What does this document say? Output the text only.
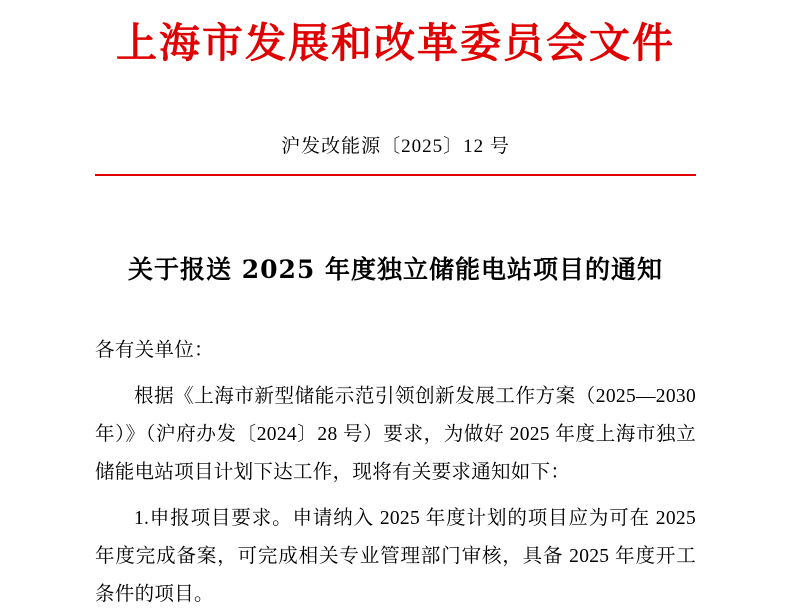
上海市发展和改革委员会文件
沪发改能源〔2025〕12 号
关于报送 2025 年度独立储能电站项目的通知

各有关单位：

根据《上海市新型储能示范引领创新发展工作方案（2025—2030 年）》（沪府办发〔2024〕28 号）要求，为做好 2025 年度上海市独立储能电站项目计划下达工作，现将有关要求通知如下：

1.申报项目要求。申请纳入 2025 年度计划的项目应为可在 2025 年度完成备案，可完成相关专业管理部门审核，具备 2025 年度开工条件的项目。
